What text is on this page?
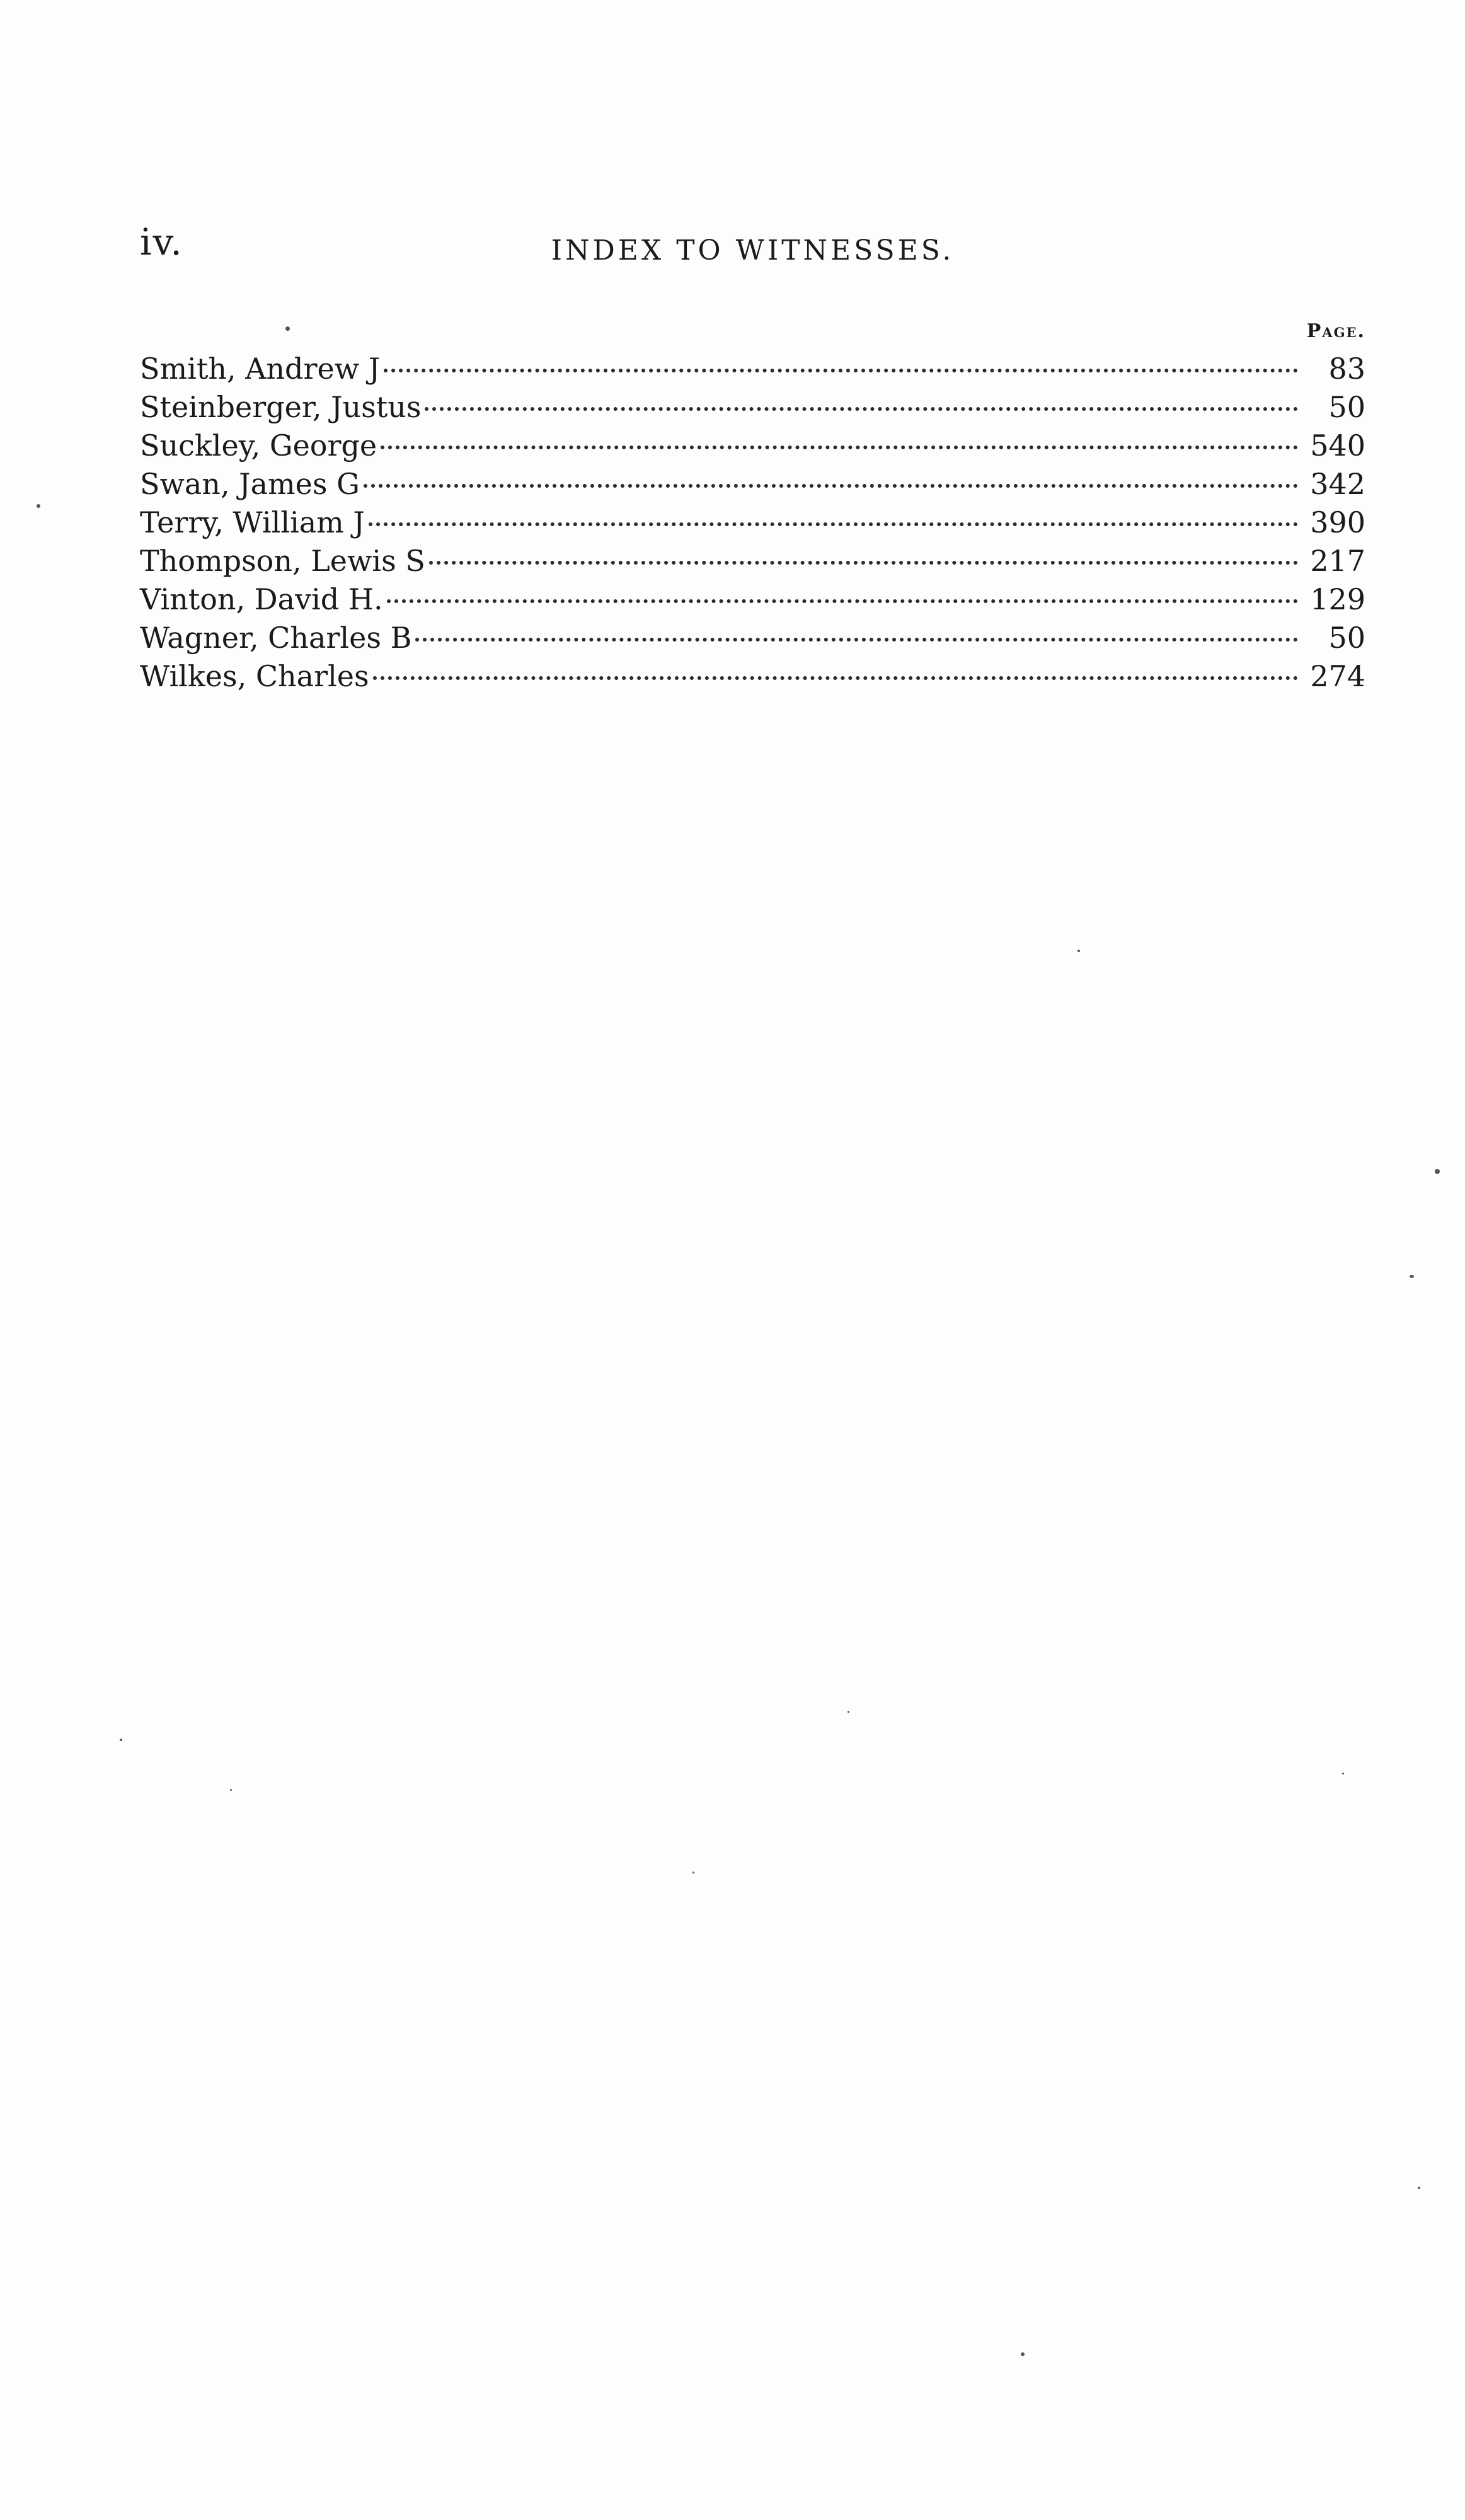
iv.	INDEX TO WITNESSES.
Page.
Smith, Andrew J	83
Steinberger, Justus	50
Suckley, George	540
Swan, James G	342
Terry, William J	390
Thompson, Lewis S	217
Vinton, David H.	129
Wagner, Charles B	50
Wilkes, Charles	274
